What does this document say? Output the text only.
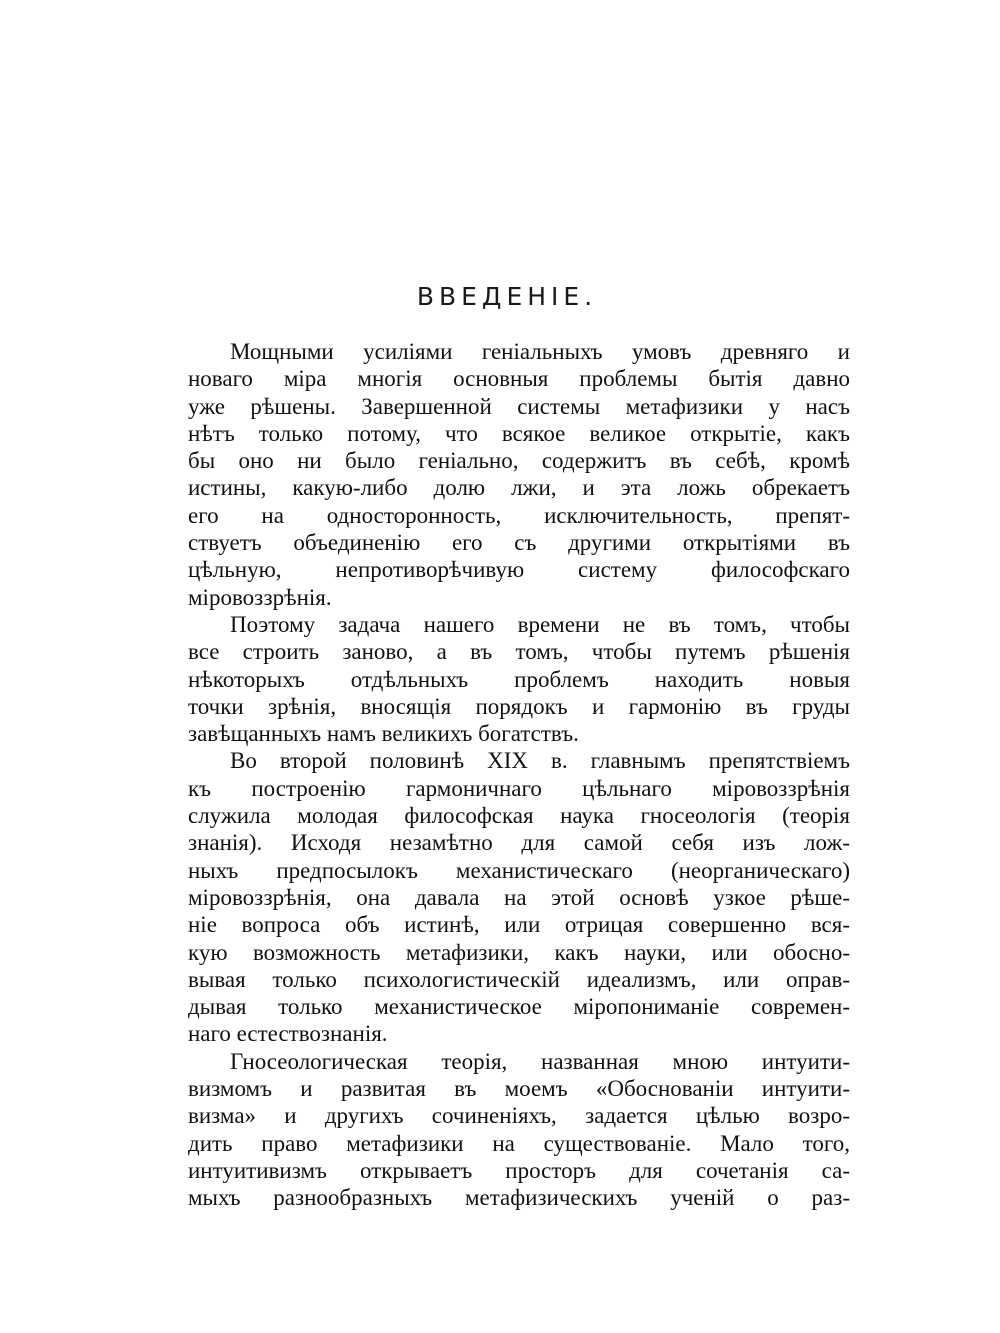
ВВЕДЕНIЕ.
Мощными усиліями геніальныхъ умовъ древняго и
новаго міра многія основныя проблемы бытія давно
уже рѣшены. Завершенной системы метафизики у насъ
нѣтъ только потому, что всякое великое открытіе, какъ
бы оно ни было геніально, содержитъ въ себѣ, кромѣ
истины, какую-либо долю лжи, и эта ложь обрекаетъ
его на односторонность, исключительность, препят-
ствуетъ объединенію его съ другими открытіями въ
цѣльную, непротиворѣчивую систему философскаго
міровоззрѣнія.
Поэтому задача нашего времени не въ томъ, чтобы
все строить заново, а въ томъ, чтобы путемъ рѣшенія
нѣкоторыхъ отдѣльныхъ проблемъ находить новыя
точки зрѣнія, вносящія порядокъ и гармонію въ груды
завѣщанныхъ намъ великихъ богатствъ.
Во второй половинѣ XIX в. главнымъ препятствіемъ
къ построенію гармоничнаго цѣльнаго міровоззрѣнія
служила молодая философская наука гносеологія (теорія
знанія). Исходя незамѣтно для самой себя изъ лож-
ныхъ предпосылокъ механистическаго (неорганическаго)
міровоззрѣнія, она давала на этой основѣ узкое рѣше-
ніе вопроса объ истинѣ, или отрицая совершенно вся-
кую возможность метафизики, какъ науки, или обосно-
вывая только психологистическій идеализмъ, или оправ-
дывая только механистическое міропониманіе современ-
наго естествознанія.
Гносеологическая теорія, названная мною интуити-
визмомъ и развитая въ моемъ «Обоснованіи интуити-
визма» и другихъ сочиненіяхъ, задается цѣлью возро-
дить право метафизики на существованіе. Мало того,
интуитивизмъ открываетъ просторъ для сочетанія са-
мыхъ разнообразныхъ метафизическихъ ученій о раз-
